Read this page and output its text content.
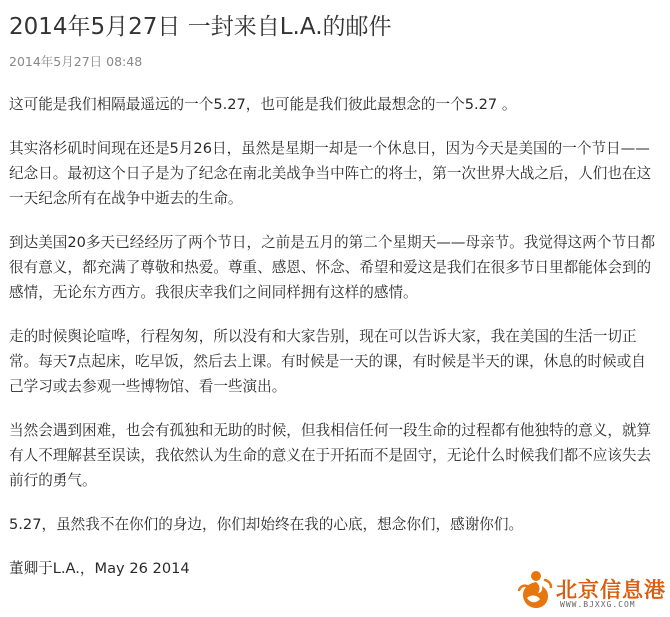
2014年5月27日 一封来自L.A.的邮件
2014年5月27日 08:48

这可能是我们相隔最遥远的一个5.27，也可能是我们彼此最想念的一个5.27 。

其实洛杉矶时间现在还是5月26日，虽然是星期一却是一个休息日，因为今天是美国的一个节日——纪念日。最初这个日子是为了纪念在南北美战争当中阵亡的将士，第一次世界大战之后，人们也在这一天纪念所有在战争中逝去的生命。

到达美国20多天已经经历了两个节日，之前是五月的第二个星期天——母亲节。我觉得这两个节日都很有意义，都充满了尊敬和热爱。尊重、感恩、怀念、希望和爱这是我们在很多节日里都能体会到的感情，无论东方西方。我很庆幸我们之间同样拥有这样的感情。

走的时候舆论喧哗，行程匆匆，所以没有和大家告别，现在可以告诉大家，我在美国的生活一切正常。每天7点起床，吃早饭，然后去上课。有时候是一天的课，有时候是半天的课，休息的时候或自己学习或去参观一些博物馆、看一些演出。

当然会遇到困难，也会有孤独和无助的时候，但我相信任何一段生命的过程都有他独特的意义，就算有人不理解甚至误读，我依然认为生命的意义在于开拓而不是固守，无论什么时候我们都不应该失去前行的勇气。

5.27，虽然我不在你们的身边，你们却始终在我的心底，想念你们，感谢你们。

董卿于L.A.，May 26 2014

北京信息港
WWW.BJXXG.COM
